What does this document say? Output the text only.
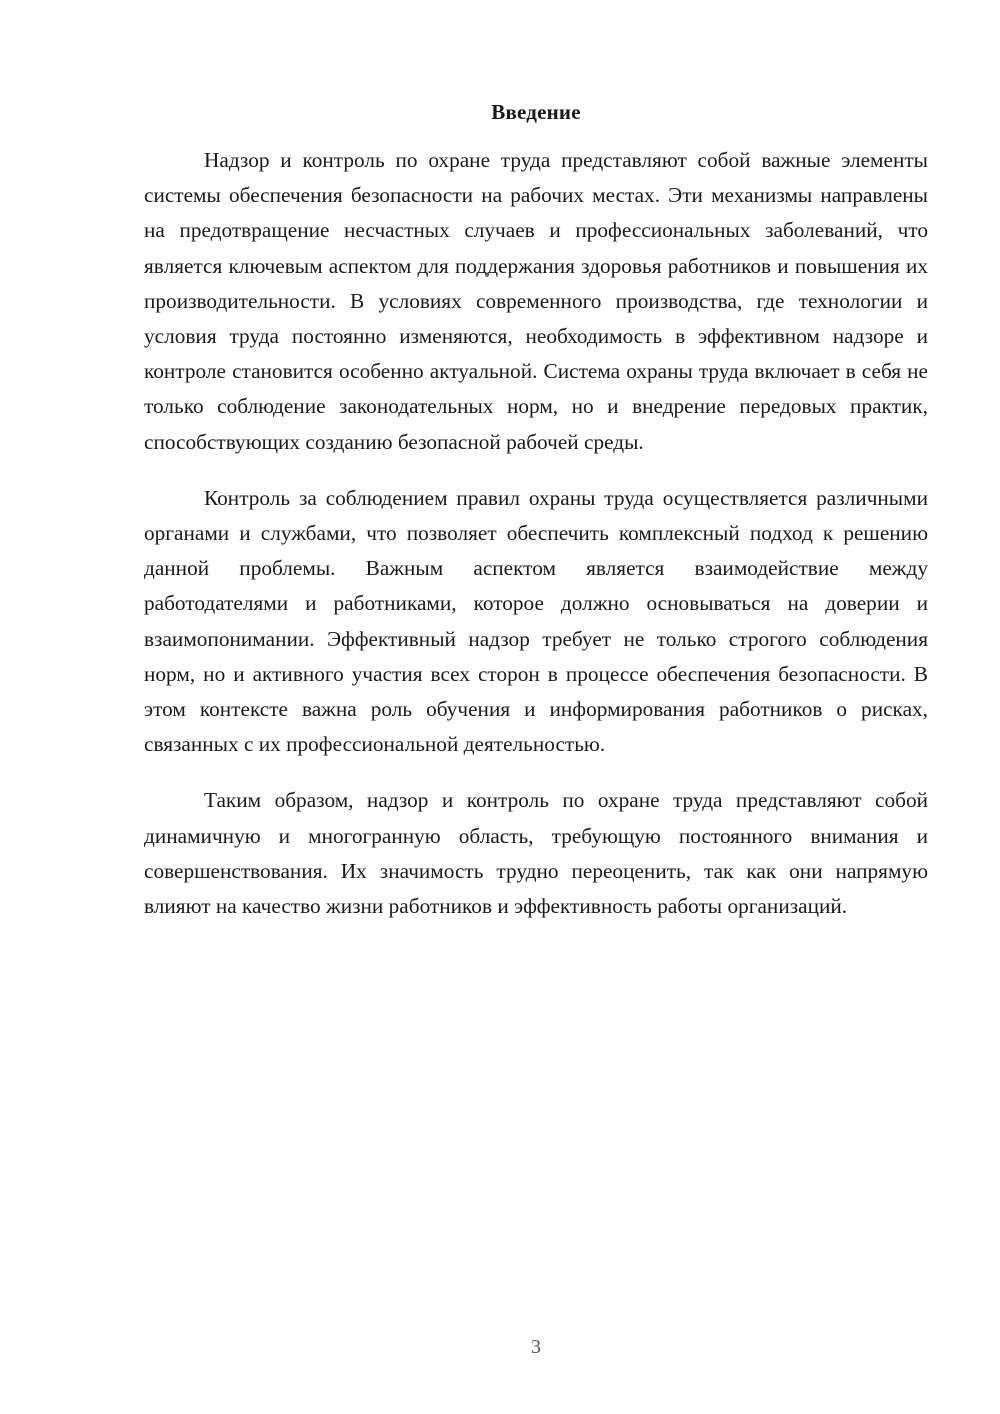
Введение

Надзор и контроль по охране труда представляют собой важные элементы системы обеспечения безопасности на рабочих местах. Эти механизмы направлены на предотвращение несчастных случаев и профессиональных заболеваний, что является ключевым аспектом для поддержания здоровья работников и повышения их производительности. В условиях современного производства, где технологии и условия труда постоянно изменяются, необходимость в эффективном надзоре и контроле становится особенно актуальной. Система охраны труда включает в себя не только соблюдение законодательных норм, но и внедрение передовых практик, способствующих созданию безопасной рабочей среды.

Контроль за соблюдением правил охраны труда осуществляется различными органами и службами, что позволяет обеспечить комплексный подход к решению данной проблемы. Важным аспектом является взаимодействие между работодателями и работниками, которое должно основываться на доверии и взаимопонимании. Эффективный надзор требует не только строгого соблюдения норм, но и активного участия всех сторон в процессе обеспечения безопасности. В этом контексте важна роль обучения и информирования работников о рисках, связанных с их профессиональной деятельностью.

Таким образом, надзор и контроль по охране труда представляют собой динамичную и многогранную область, требующую постоянного внимания и совершенствования. Их значимость трудно переоценить, так как они напрямую влияют на качество жизни работников и эффективность работы организаций.

3
